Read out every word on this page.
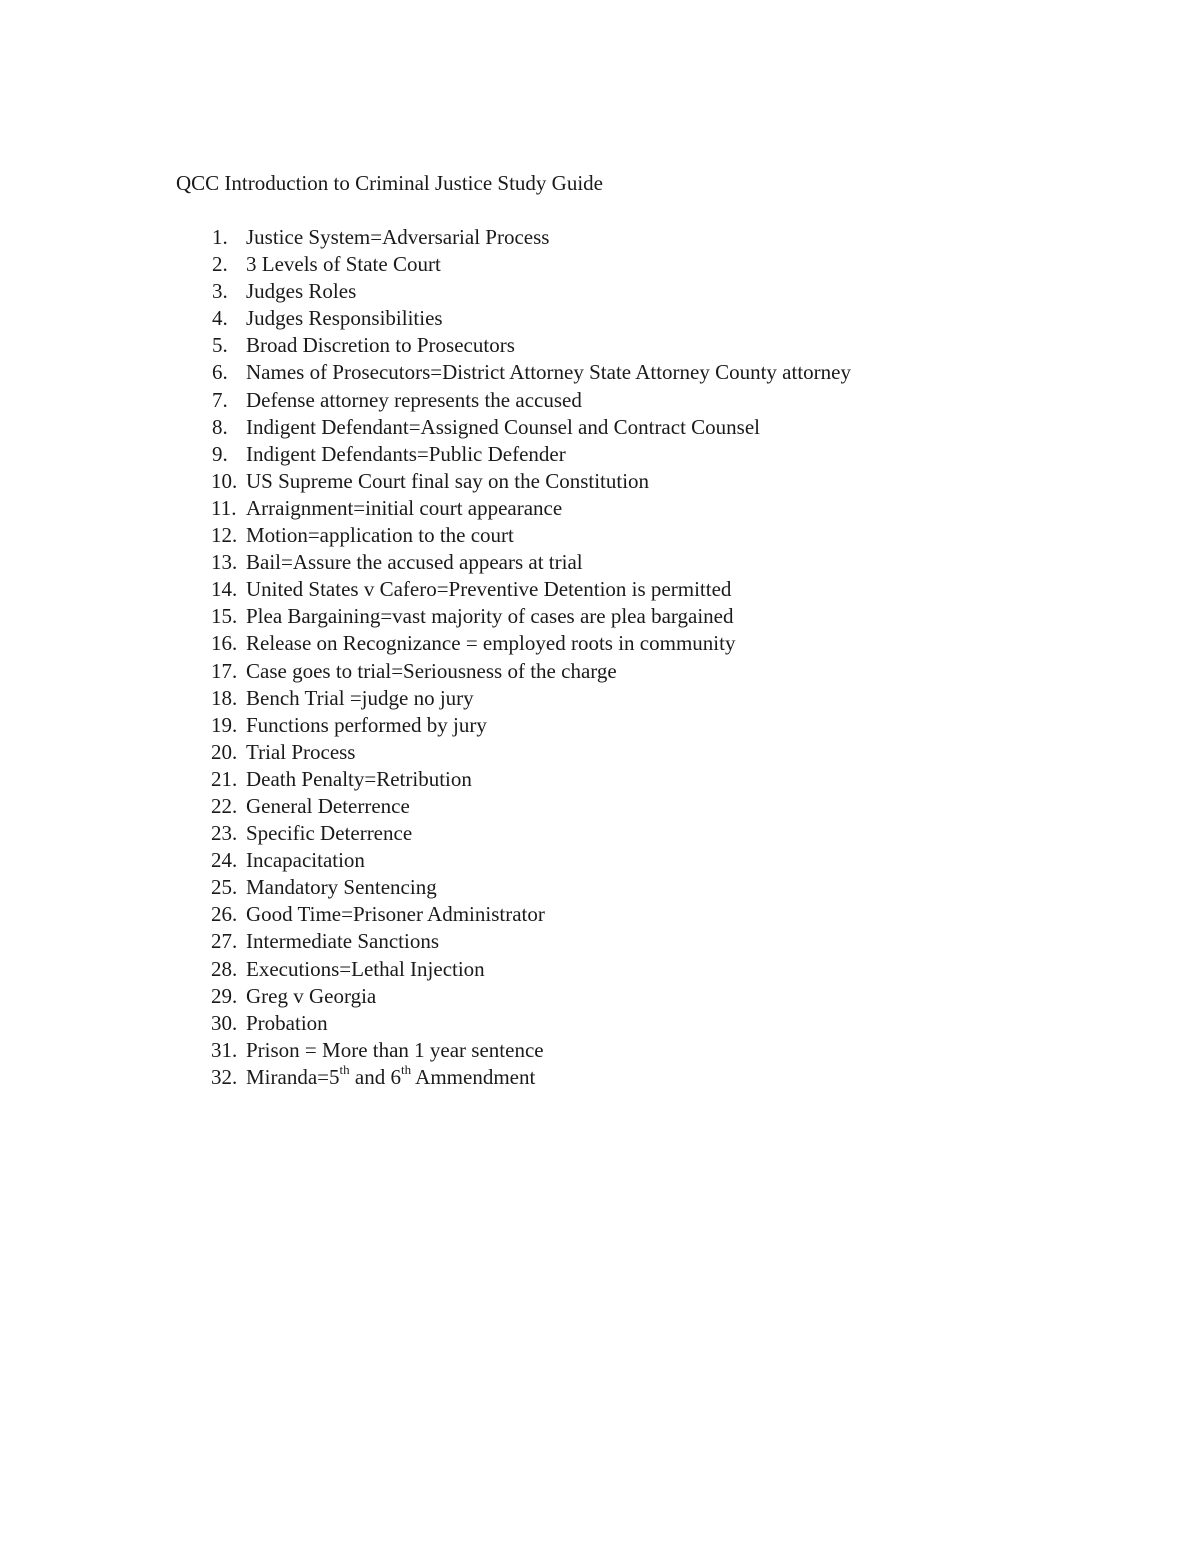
QCC Introduction to Criminal Justice Study Guide
1. Justice System=Adversarial Process
2. 3 Levels of State Court
3. Judges Roles
4. Judges Responsibilities
5. Broad Discretion to Prosecutors
6. Names of Prosecutors=District Attorney State Attorney County attorney
7. Defense attorney represents the accused
8. Indigent Defendant=Assigned Counsel and Contract Counsel
9. Indigent Defendants=Public Defender
10. US Supreme Court final say on the Constitution
11. Arraignment=initial court appearance
12. Motion=application to the court
13. Bail=Assure the accused appears at trial
14. United States v Cafero=Preventive Detention is permitted
15. Plea Bargaining=vast majority of cases are plea bargained
16. Release on Recognizance = employed roots in community
17. Case goes to trial=Seriousness of the charge
18. Bench Trial =judge no jury
19. Functions performed by jury
20. Trial Process
21. Death Penalty=Retribution
22. General Deterrence
23. Specific Deterrence
24. Incapacitation
25. Mandatory Sentencing
26. Good Time=Prisoner Administrator
27. Intermediate Sanctions
28. Executions=Lethal Injection
29. Greg v Georgia
30. Probation
31. Prison = More than 1 year sentence
32. Miranda=5th and 6th Ammendment
